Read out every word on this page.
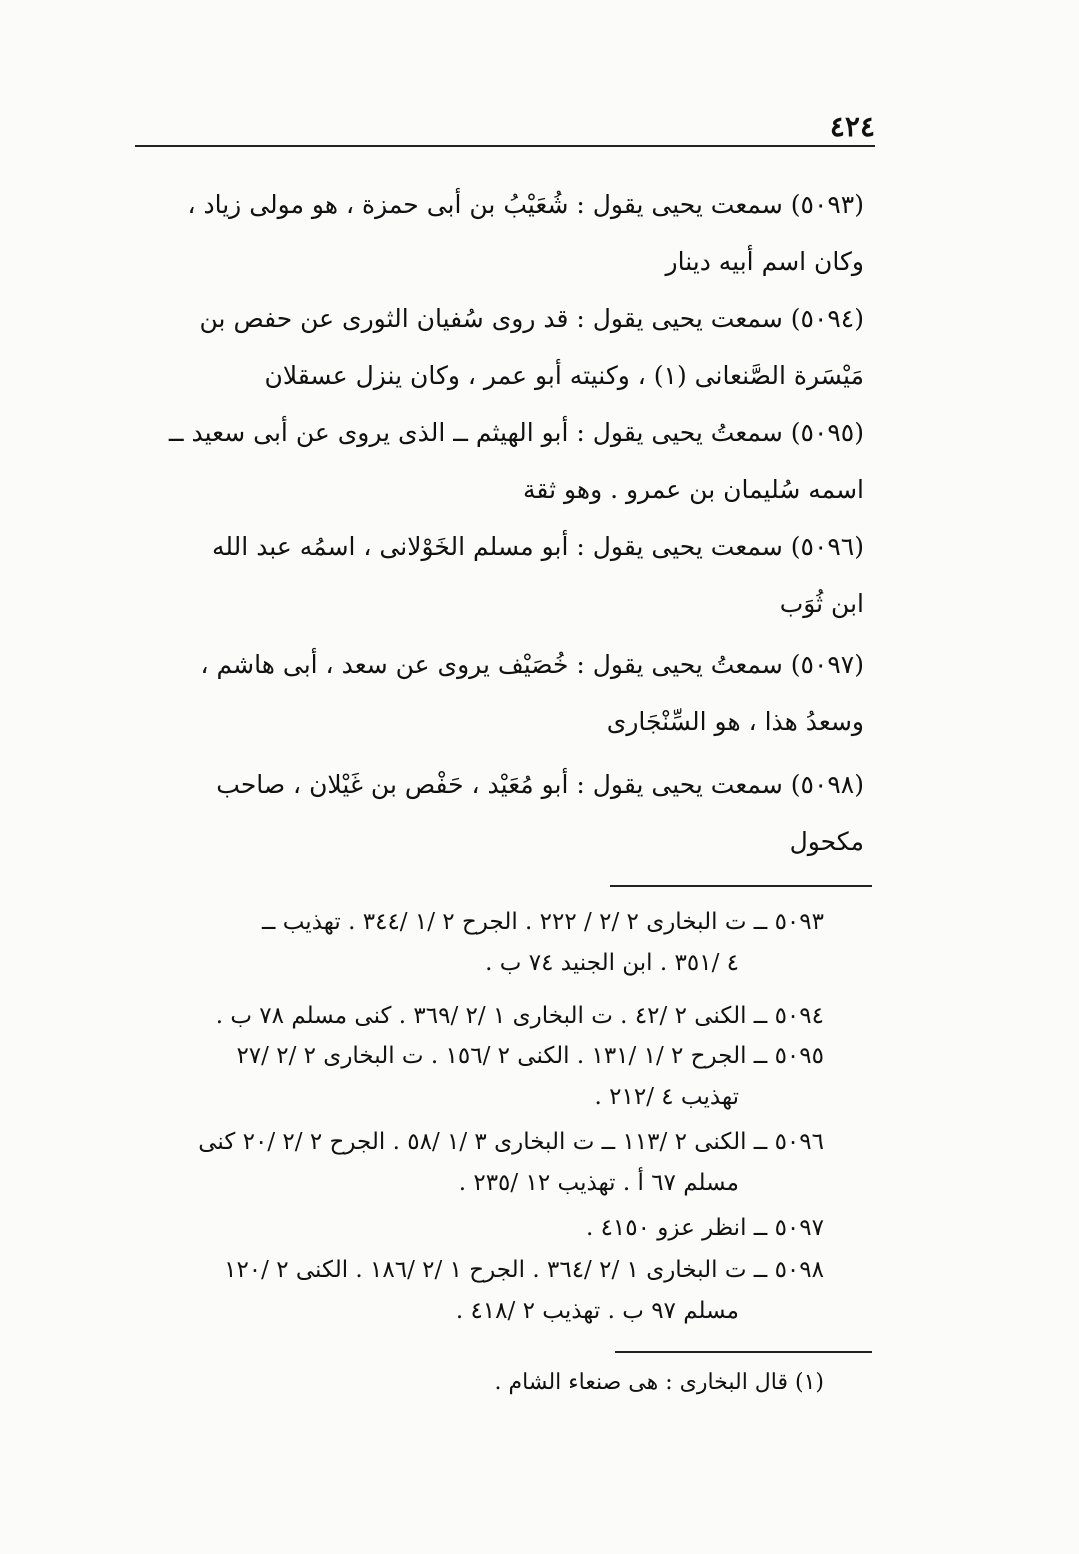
٤٢٤
(٥٠٩٣) سمعت يحيى يقول : شُعَيْبُ بن أبى حمزة ، هو مولى زياد ،
وكان اسم أبيه دينار
(٥٠٩٤) سمعت يحيى يقول : قد روى سُفيان الثورى عن حفص بن
مَيْسَرة الصَّنعانى (١) ، وكنيته أبو عمر ، وكان ينزل عسقلان
(٥٠٩٥) سمعتُ يحيى يقول : أبو الهيثم ــ الذى يروى عن أبى سعيد ــ
اسمه سُليمان بن عمرو . وهو ثقة
(٥٠٩٦) سمعت يحيى يقول : أبو مسلم الخَوْلانى ، اسمُه عبد الله
ابن ثُوَب
(٥٠٩٧) سمعتُ يحيى يقول : خُصَيْف يروى عن سعد ، أبى هاشم ،
وسعدُ هذا ، هو السِّنْجَارى
(٥٠٩٨) سمعت يحيى يقول : أبو مُعَيْد ، حَفْص بن غَيْلان ، صاحب
مكحول
٥٠٩٣ ــ ت البخارى ٢ /٢ / ٢٢٢ . الجرح ٢ /١ /٣٤٤ . تهذيب ــ
٤ /٣٥١ . ابن الجنيد ٧٤ ب .
٥٠٩٤ ــ الكنى ٢ /٤٢ . ت البخارى ١ /٢ /٣٦٩ . كنى مسلم ٧٨ ب .
٥٠٩٥ ــ الجرح ٢ /١ /١٣١ . الكنى ٢ /١٥٦ . ت البخارى ٢ /٢ /٢٧
تهذيب ٤ /٢١٢ .
٥٠٩٦ ــ الكنى ٢ /١١٣ ــ ت البخارى ٣ /١ /٥٨ . الجرح ٢ /٢ /٢٠ كنى
مسلم ٦٧ أ . تهذيب ١٢ /٢٣٥ .
٥٠٩٧ ــ انظر عزو ٤١٥٠ .
٥٠٩٨ ــ ت البخارى ١ /٢ /٣٦٤ . الجرح ١ /٢ /١٨٦ . الكنى ٢ /١٢٠
مسلم ٩٧ ب . تهذيب ٢ /٤١٨ .
(١) قال البخارى : هى صنعاء الشام .
